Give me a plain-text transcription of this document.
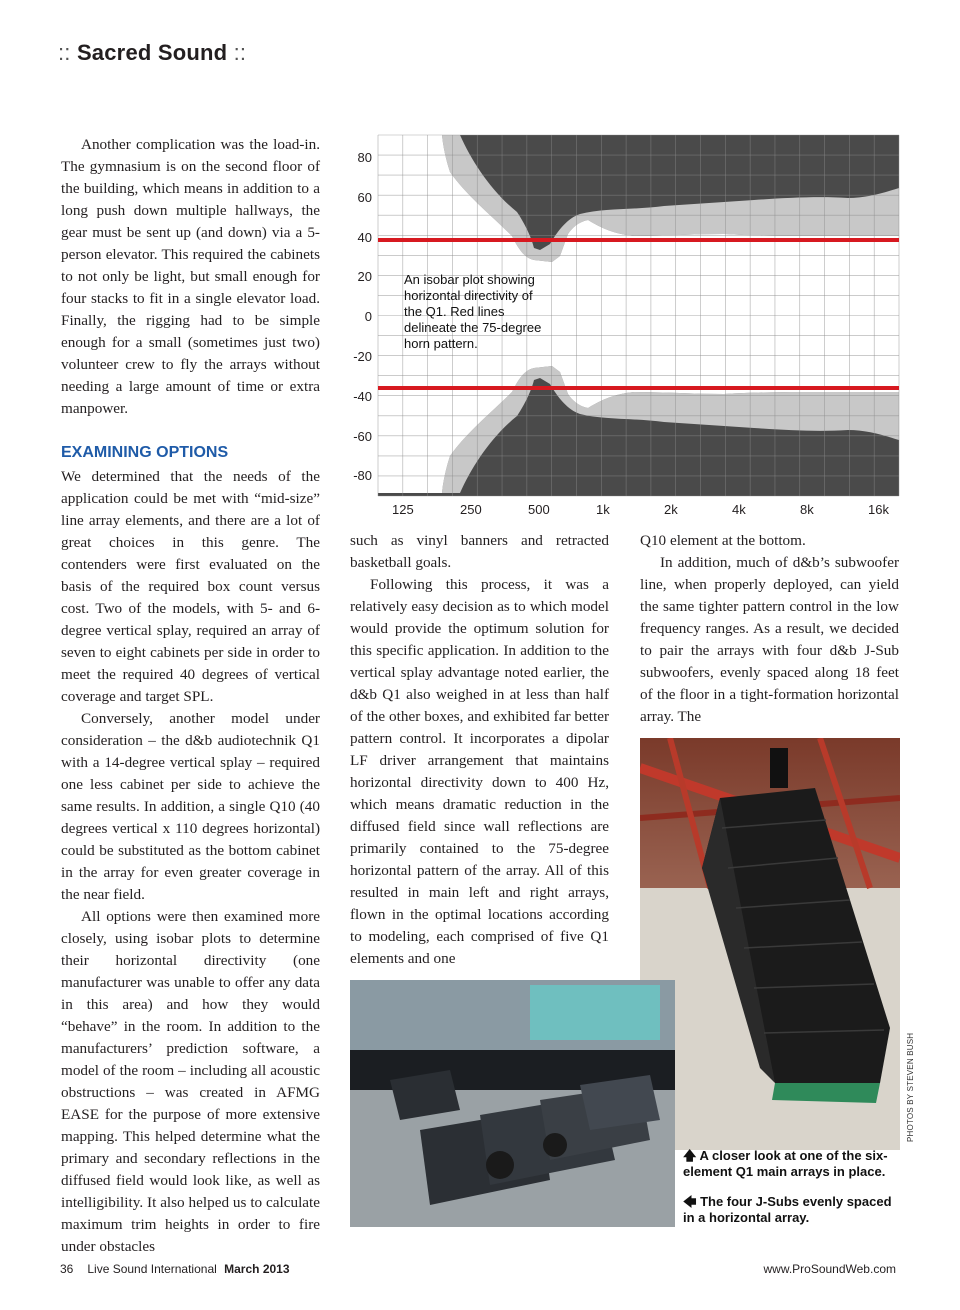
:: Sacred Sound ::

Another complication was the load-in. The gymnasium is on the second floor of the building, which means in addition to a long push down multiple hallways, the gear must be sent up (and down) via a 5-person elevator. This required the cabinets to not only be light, but small enough for four stacks to fit in a single elevator load. Finally, the rigging had to be simple enough for a small (sometimes just two) volunteer crew to fly the arrays without needing a large amount of time or extra manpower.

EXAMINING OPTIONS

We determined that the needs of the application could be met with “mid-size” line array elements, and there are a lot of great choices in this genre. The contenders were first evaluated on the basis of the required box count versus cost. Two of the models, with 5- and 6-degree vertical splay, required an array of seven to eight cabinets per side in order to meet the required 40 degrees of vertical coverage and target SPL.

Conversely, another model under consideration – the d&b audiotechnik Q1 with a 14-degree vertical splay – required one less cabinet per side to achieve the same results. In addition, a single Q10 (40 degrees vertical x 110 degrees horizontal) could be substituted as the bottom cabinet in the array for even greater coverage in the near field.

All options were then examined more closely, using isobar plots to determine their horizontal directivity (one manufacturer was unable to offer any data in this area) and how they would “behave” in the room. In addition to the manufacturers’ prediction software, a model of the room – including all acoustic obstructions – was created in AFMG EASE for the purpose of more extensive mapping. This helped determine what the primary and secondary reflections in the diffused field would look like, as well as intelligibility. It also helped us to calculate maximum trim heights in order to fire under obstacles

80
60
40
20
0
-20
-40
-60
-80
125	250	500	1k	2k	4k	8k	16k
An isobar plot showing horizontal directivity of the Q1. Red lines delineate the 75-degree horn pattern.

such as vinyl banners and retracted basketball goals.

Following this process, it was a relatively easy decision as to which model would provide the optimum solution for this specific application. In addition to the vertical splay advantage noted earlier, the d&b Q1 also weighed in at less than half of the other boxes, and exhibited far better pattern control. It incorporates a dipolar LF driver arrangement that maintains horizontal directivity down to 400 Hz, which means dramatic reduction in the diffused field since wall reflections are primarily contained to the 75-degree horizontal pattern of the array. All of this resulted in main left and right arrays, flown in the optimal locations according to modeling, each comprised of five Q1 elements and one

Q10 element at the bottom.

In addition, much of d&b’s subwoofer line, when properly deployed, can yield the same tighter pattern control in the low frequency ranges. As a result, we decided to pair the arrays with four d&b J-Sub subwoofers, evenly spaced along 18 feet of the floor in a tight-formation horizontal array. The

🡅 A closer look at one of the six-element Q1 main arrays in place.

🡄 The four J-Subs evenly spaced in a horizontal array.

PHOTOS BY STEVEN BUSH
36 Live Sound International March 2013	www.ProSoundWeb.com
